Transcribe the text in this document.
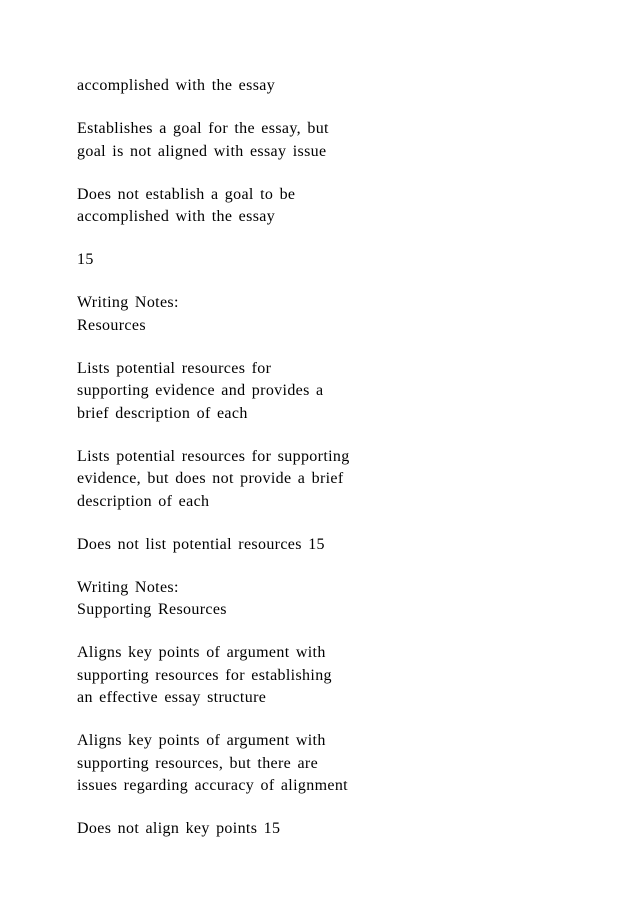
accomplished with the essay

Establishes a goal for the essay, but
goal is not aligned with essay issue

Does not establish a goal to be
accomplished with the essay

15

Writing Notes:
Resources

Lists potential resources for
supporting evidence and provides a
brief description of each

Lists potential resources for supporting
evidence, but does not provide a brief
description of each

Does not list potential resources 15

Writing Notes:
Supporting Resources

Aligns key points of argument with
supporting resources for establishing
an effective essay structure

Aligns key points of argument with
supporting resources, but there are
issues regarding accuracy of alignment

Does not align key points 15
